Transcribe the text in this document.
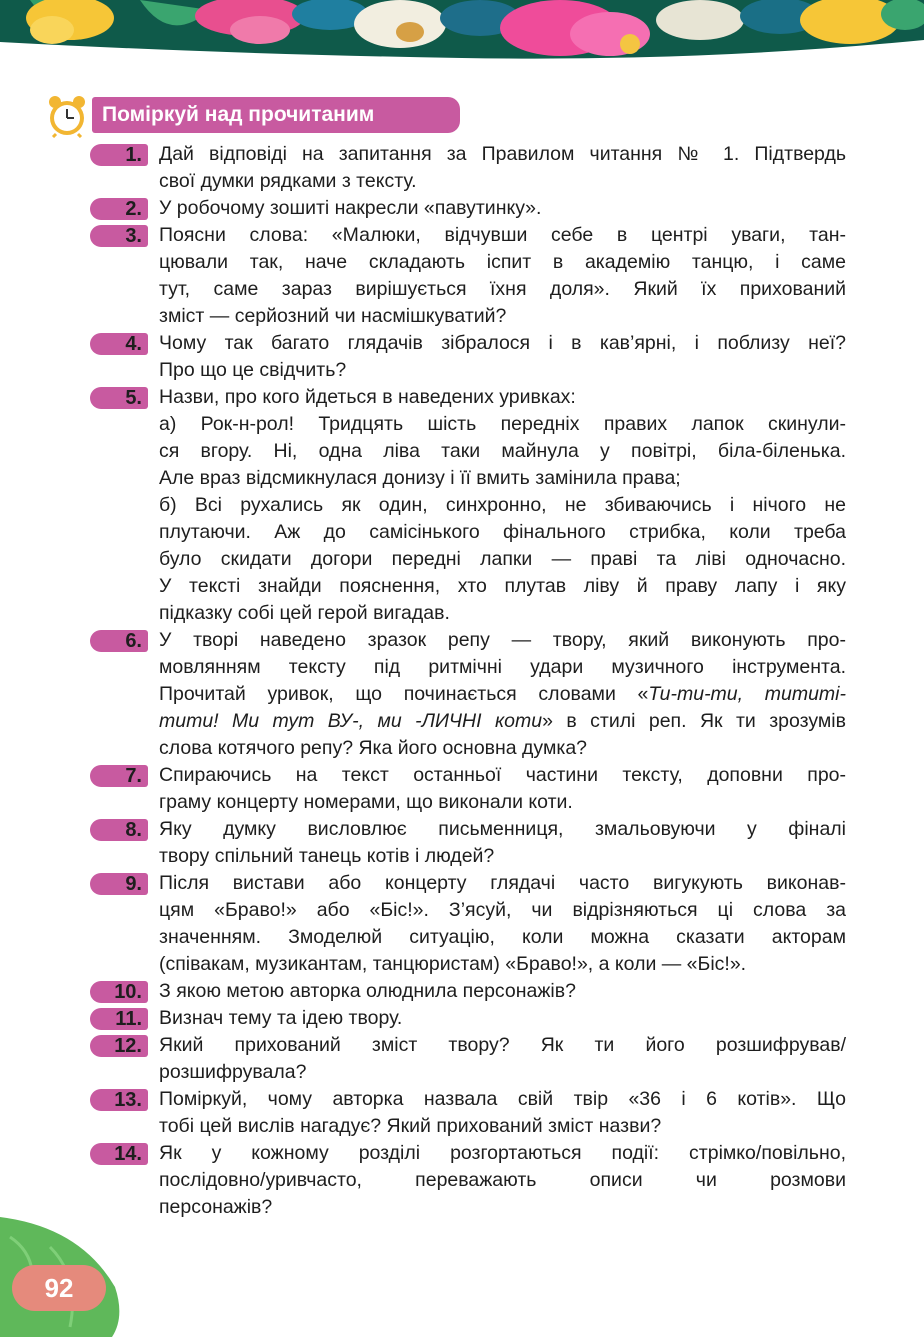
Поміркуй над прочитаним
1. Дай відповіді на запитання за Правилом читання № 1. Підтвердь
свої думки рядками з тексту.
2. У робочому зошиті накресли «павутинку».
3. Поясни слова: «Малюки, відчувши себе в центрі уваги, тан-
цювали так, наче складають іспит в академію танцю, і саме
тут, саме зараз вирішується їхня доля». Який їх прихований
зміст — серйозний чи насмішкуватий?
4. Чому так багато глядачів зібралося і в кав’ярні, і поблизу неї?
Про що це свідчить?
5. Назви, про кого йдеться в наведених уривках:
а) Рок-н-рол! Тридцять шість передніх правих лапок скинули-
ся вгору. Ні, одна ліва таки майнула у повітрі, біла-біленька.
Але враз відсмикнулася донизу і її вмить замінила права;
б) Всі рухались як один, синхронно, не збиваючись і нічого не
плутаючи. Аж до самісінького фінального стрибка, коли треба
було скидати догори передні лапки — праві та ліві одночасно.
У тексті знайди пояснення, хто плутав ліву й праву лапу і яку
підказку собі цей герой вигадав.
6. У творі наведено зразок репу — твору, який виконують про-
мовлянням тексту під ритмічні удари музичного інструмента.
Прочитай уривок, що починається словами «Ти-ти-ти, тититі-
тити! Ми тут ВУ-, ми -ЛИЧНІ коти» в стилі реп. Як ти зрозумів
слова котячого репу? Яка його основна думка?
7. Спираючись на текст останньої частини тексту, доповни про-
граму концерту номерами, що виконали коти.
8. Яку думку висловлює письменниця, змальовуючи у фіналі
твору спільний танець котів і людей?
9. Після вистави або концерту глядачі часто вигукують виконав-
цям «Браво!» або «Біс!». З’ясуй, чи відрізняються ці слова за
значенням. Змоделюй ситуацію, коли можна сказати акторам
(співакам, музикантам, танцюристам) «Браво!», а коли — «Біс!».
10. З якою метою авторка олюднила персонажів?
11. Визнач тему та ідею твору.
12. Який прихований зміст твору? Як ти його розшифрував/
розшифрувала?
13. Поміркуй, чому авторка назвала свій твір «36 і 6 котів». Що
тобі цей вислів нагадує? Який прихований зміст назви?
14. Як у кожному розділі розгортаються події: стрімко/повільно,
послідовно/уривчасто, переважають описи чи розмови
персонажів?
92
